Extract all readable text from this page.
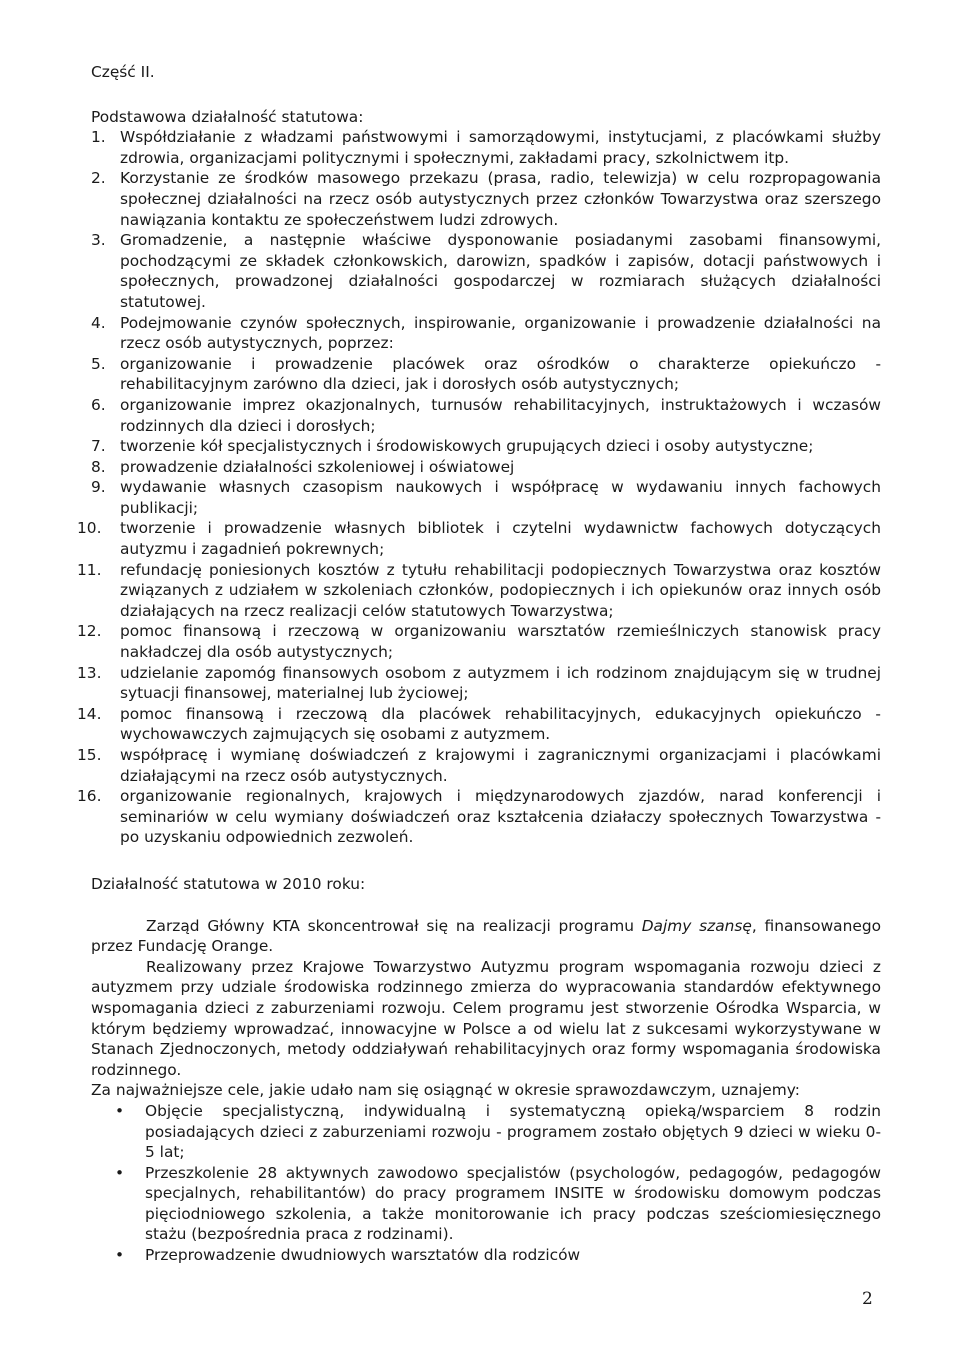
Część II.

Podstawowa działalność statutowa:

1. Współdziałanie z władzami państwowymi i samorządowymi, instytucjami, z placówkami służby zdrowia, organizacjami politycznymi i społecznymi, zakładami pracy, szkolnictwem itp.
2. Korzystanie ze środków masowego przekazu (prasa, radio, telewizja) w celu rozpropagowania społecznej działalności na rzecz osób autystycznych przez członków Towarzystwa oraz szerszego nawiązania kontaktu ze społeczeństwem ludzi zdrowych.
3. Gromadzenie, a następnie właściwe dysponowanie posiadanymi zasobami finansowymi, pochodzącymi ze składek członkowskich, darowizn, spadków i zapisów, dotacji państwowych i społecznych, prowadzonej działalności gospodarczej w rozmiarach służących działalności statutowej.
4. Podejmowanie czynów społecznych, inspirowanie, organizowanie i prowadzenie działalności na rzecz osób autystycznych, poprzez:
5. organizowanie i prowadzenie placówek oraz ośrodków o charakterze opiekuńczo - rehabilitacyjnym zarówno dla dzieci, jak i dorosłych osób autystycznych;
6. organizowanie imprez okazjonalnych, turnusów rehabilitacyjnych, instruktażowych i wczasów rodzinnych dla dzieci i dorosłych;
7. tworzenie kół specjalistycznych i środowiskowych grupujących dzieci i osoby autystyczne;
8. prowadzenie działalności szkoleniowej i oświatowej
9. wydawanie własnych czasopism naukowych i współpracę w wydawaniu innych fachowych publikacji;
10. tworzenie i prowadzenie własnych bibliotek i czytelni wydawnictw fachowych dotyczących autyzmu i zagadnień pokrewnych;
11. refundację poniesionych kosztów z tytułu rehabilitacji podopiecznych Towarzystwa oraz kosztów związanych z udziałem w szkoleniach członków, podopiecznych i ich opiekunów oraz innych osób działających na rzecz realizacji celów statutowych Towarzystwa;
12. pomoc finansową i rzeczową w organizowaniu warsztatów rzemieślniczych stanowisk pracy nakładczej dla osób autystycznych;
13. udzielanie zapomóg finansowych osobom z autyzmem i ich rodzinom znajdującym się w trudnej sytuacji finansowej, materialnej lub życiowej;
14. pomoc finansową i rzeczową dla placówek rehabilitacyjnych, edukacyjnych opiekuńczo - wychowawczych zajmujących się osobami z autyzmem.
15. współpracę i wymianę doświadczeń z krajowymi i zagranicznymi organizacjami i placówkami działającymi na rzecz osób autystycznych.
16. organizowanie regionalnych, krajowych i międzynarodowych zjazdów, narad konferencji i seminariów w celu wymiany doświadczeń oraz kształcenia działaczy społecznych Towarzystwa - po uzyskaniu odpowiednich zezwoleń.

Działalność statutowa w 2010 roku:

Zarząd Główny KTA skoncentrował się na realizacji programu Dajmy szansę, finansowanego przez Fundację Orange.

Realizowany przez Krajowe Towarzystwo Autyzmu program wspomagania rozwoju dzieci z autyzmem przy udziale środowiska rodzinnego zmierza do wypracowania standardów efektywnego wspomagania dzieci z zaburzeniami rozwoju. Celem programu jest stworzenie Ośrodka Wsparcia, w którym będziemy wprowadzać, innowacyjne w Polsce a od wielu lat z sukcesami wykorzystywane w Stanach Zjednoczonych, metody oddziaływań rehabilitacyjnych oraz formy wspomagania środowiska rodzinnego.

Za najważniejsze cele, jakie udało nam się osiągnąć w okresie sprawozdawczym, uznajemy:

• Objęcie specjalistyczną, indywidualną i systematyczną opieką/wsparciem 8 rodzin posiadających dzieci z zaburzeniami rozwoju - programem zostało objętych 9 dzieci w wieku 0-5 lat;
• Przeszkolenie 28 aktywnych zawodowo specjalistów (psychologów, pedagogów, pedagogów specjalnych, rehabilitantów) do pracy programem INSITE w środowisku domowym podczas pięciodniowego szkolenia, a także monitorowanie ich pracy podczas sześciomiesięcznego stażu (bezpośrednia praca z rodzinami).
• Przeprowadzenie dwudniowych warsztatów dla rodziców
2
